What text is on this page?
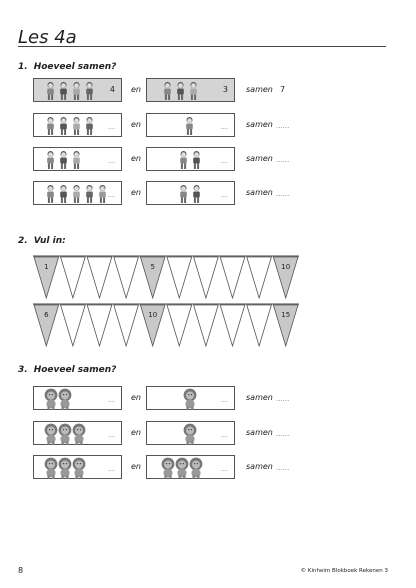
Les 4a
1. Hoeveel samen?
4 en	3 samen 7
.... en	.... samen ......
.... en	.... samen ......
.... en	.... samen ......
2. Vul in:
1	5	10
6	10	15
3. Hoeveel samen?
.... en	.... samen ......
.... en	.... samen ......
.... en	.... samen ......
8	© Kinheim Blokboek Rekenen 3
